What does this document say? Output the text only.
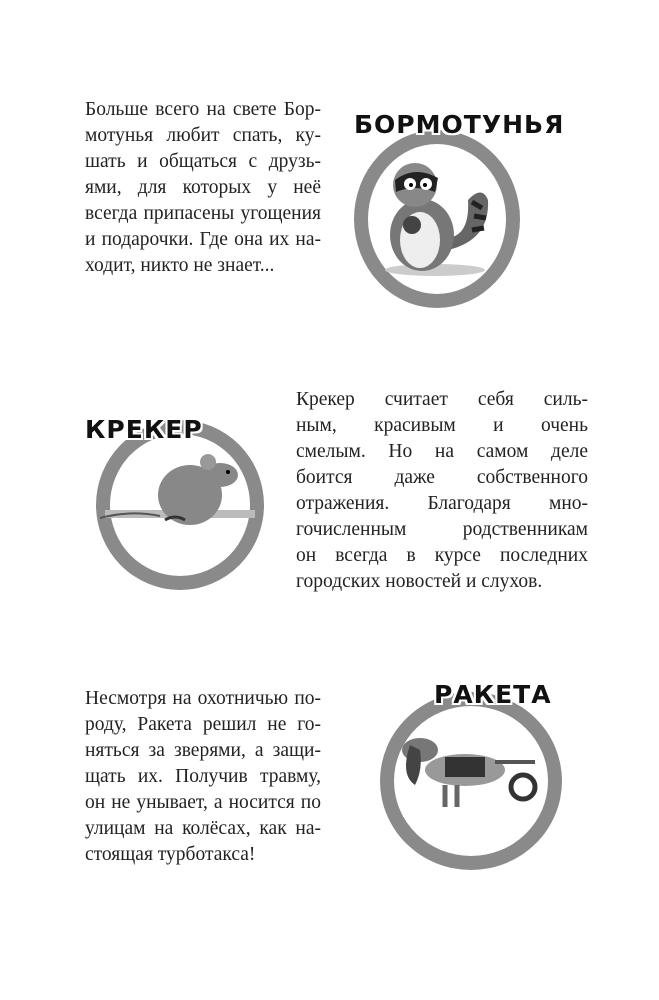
Больше всего на свете Бор-
мотунья любит спать, ку-
шать и общаться с друзь-
ями, для которых у неё
всегда припасены угощения
и подарочки. Где она их на-
ходит, никто не знает...
БОРМОТУНЬЯ
КРЕКЕР
Крекер считает себя силь-
ным, красивым и очень
смелым. Но на самом деле
боится даже собственного
отражения. Благодаря мно-
гочисленным родственникам
он всегда в курсе последних
городских новостей и слухов.
Несмотря на охотничью по-
роду, Ракета решил не го-
няться за зверями, а защи-
щать их. Получив травму,
он не унывает, а носится по
улицам на колёсах, как на-
стоящая турботакса!
РАКЕТА
